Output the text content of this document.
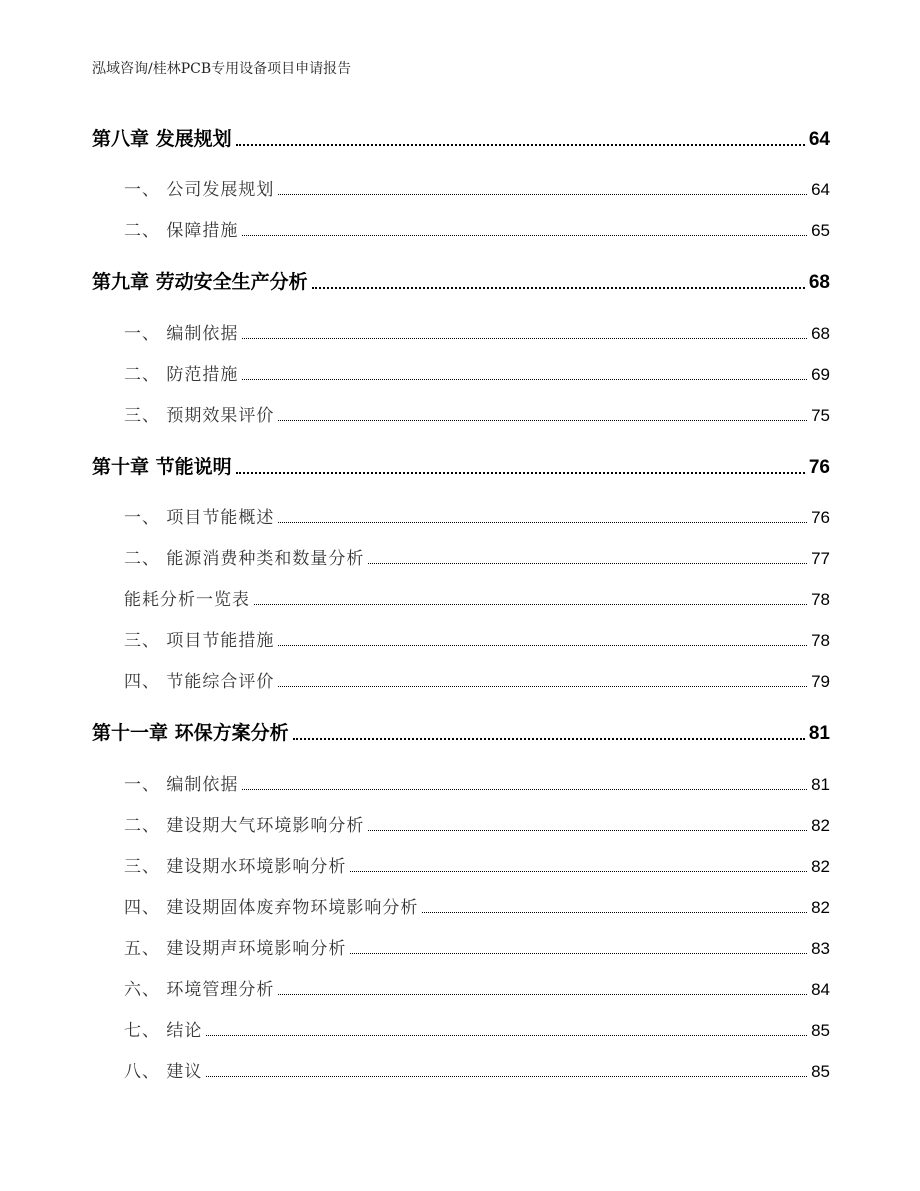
泓域咨询/桂林PCB专用设备项目申请报告
第八章 发展规划	64
一、 公司发展规划	64
二、 保障措施	65
第九章 劳动安全生产分析	68
一、 编制依据	68
二、 防范措施	69
三、 预期效果评价	75
第十章 节能说明	76
一、 项目节能概述	76
二、 能源消费种类和数量分析	77
能耗分析一览表	78
三、 项目节能措施	78
四、 节能综合评价	79
第十一章 环保方案分析	81
一、 编制依据	81
二、 建设期大气环境影响分析	82
三、 建设期水环境影响分析	82
四、 建设期固体废弃物环境影响分析	82
五、 建设期声环境影响分析	83
六、 环境管理分析	84
七、 结论	85
八、 建议	85
